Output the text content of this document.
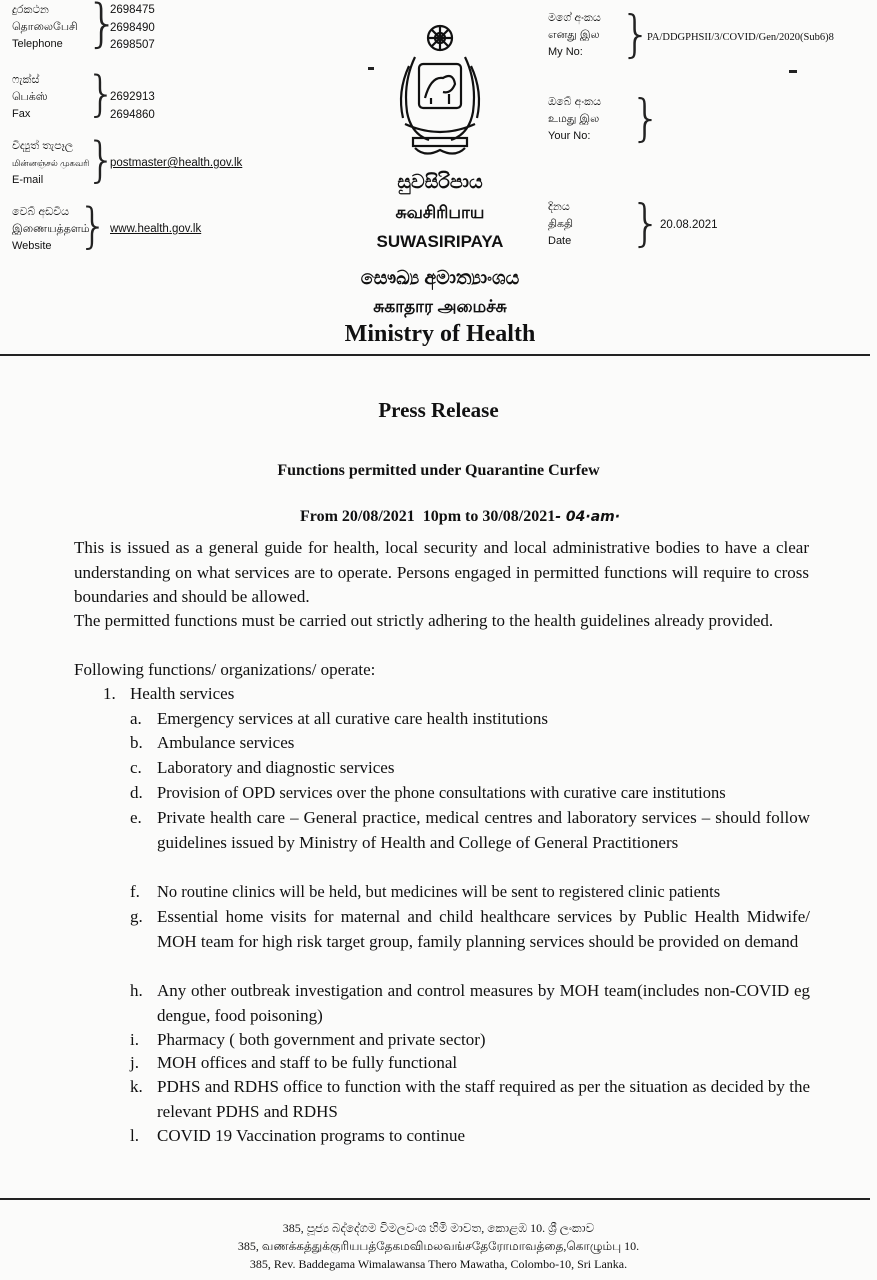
දුරකථන
தொலைபேசி
Telephone }
2698475
2698490
2698507
ෆැක්ස්
பெக்ஸ்
Fax	}
2692913
2694860
විද්‍යුත් තැපෑල
மின்னஞ்சல் முகவரி
E-mail }
postmaster@health.gov.lk
වෙබ් අඩවිය
இணையத்தளம்
Website } www.health.gov.lk
සුවසිරිපාය
சுவசிரிபாய
SUWASIRIPAYA
සෞඛ්‍ය අමාත්‍යාංශය
சுகாதார அமைச்சு
Ministry of Health
මගේ අංකය
எனது இல
My No: }
PA/DDGPHSII/3/COVID/Gen/2020(Sub6)8
ඔබේ අංකය
உமது இல
Your No: }
දිනය
திகதி
Date	}
20.08.2021
Press Release
Functions permitted under Quarantine Curfew

From 20/08/2021  10pm to 30/08/2021- 04·am·

This is issued as a general guide for health, local security and local administrative bodies to have a clear understanding on what services are to operate. Persons engaged in permitted functions will require to cross boundaries and should be allowed.
The permitted functions must be carried out strictly adhering to the health guidelines already provided.
Following functions/ organizations/ operate:
1. Health services
a. Emergency services at all curative care health institutions
b. Ambulance services
c. Laboratory and diagnostic services
d. Provision of OPD services over the phone consultations with curative care institutions
e. Private health care – General practice, medical centres and laboratory services – should follow guidelines issued by Ministry of Health and College of General Practitioners
f. No routine clinics will be held, but medicines will be sent to registered clinic patients
g. Essential home visits for maternal and child healthcare services by Public Health Midwife/ MOH team for high risk target group, family planning services should be provided on demand
h. Any other outbreak investigation and control measures by MOH team(includes non-COVID eg dengue, food poisoning)
i. Pharmacy ( both government and private sector)
j. MOH offices and staff to be fully functional
k. PDHS and RDHS office to function with the staff required as per the situation as decided by the relevant PDHS and RDHS
l. COVID 19 Vaccination programs to continue
385, පූජ්‍ය බද්දේගම විමලවංශ හිමි මාවත, කොළඹ 10. ශ්‍රී ලංකාව
385, வணக்கத்துக்குரியபத்தேகமவிமலவங்சதேரோமாவத்தை,கொழும்பு 10.
385, Rev. Baddegama Wimalawansa Thero Mawatha, Colombo-10, Sri Lanka.
